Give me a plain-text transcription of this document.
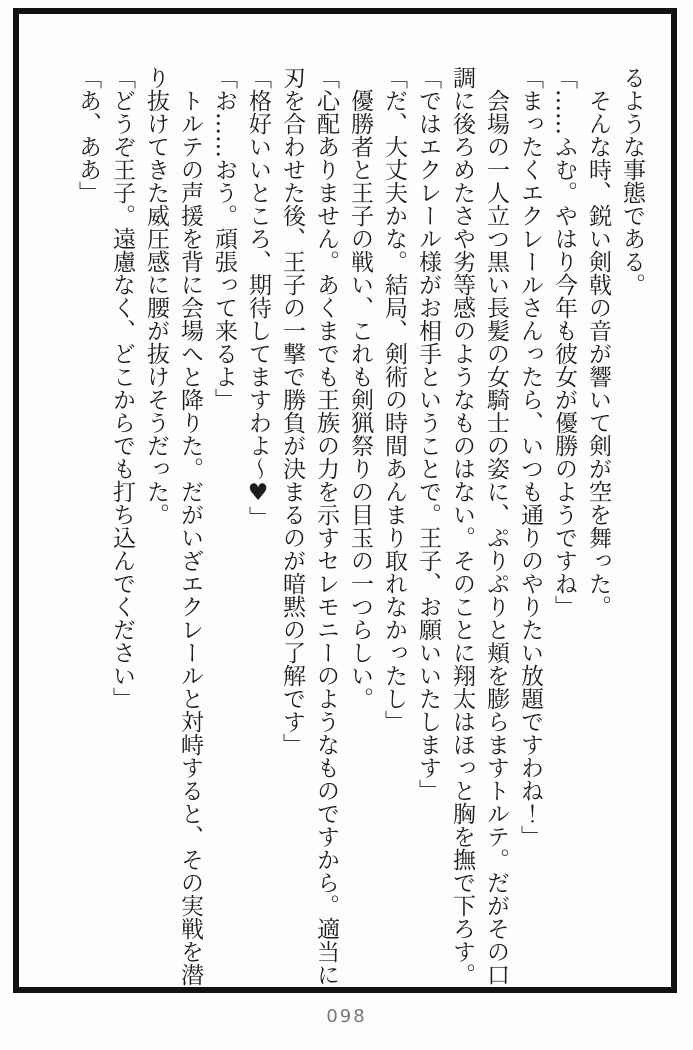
るような事態である。

そんな時、鋭い剣戟の音が響いて剣が空を舞った。

「……ふむ。やはり今年も彼女が優勝のようですね」

「まったくエクレールさんったら、いつも通りのやりたい放題ですわね！」

会場の一人立つ黒い長髪の女騎士の姿に、ぷりぷりと頬を膨らますトルテ。だがその口調に後ろめたさや劣等感のようなものはない。そのことに翔太はほっと胸を撫で下ろす。

「ではエクレール様がお相手ということで。王子、お願いいたします」

「だ、大丈夫かな。結局、剣術の時間あんまり取れなかったし」

優勝者と王子の戦い、これも剣猟祭りの目玉の一つらしい。

「心配ありません。あくまでも王族の力を示すセレモニーのようなものですから。適当に刃を合わせた後、王子の一撃で勝負が決まるのが暗黙の了解です」

「格好いいところ、期待してますわよ～♥」

「お……おう。頑張って来るよ」

トルテの声援を背に会場へと降りた。だがいざエクレールと対峙すると、その実戦を潜り抜けてきた威圧感に腰が抜けそうだった。

「どうぞ王子。遠慮なく、どこからでも打ち込んでください」

「あ、ああ」

098
